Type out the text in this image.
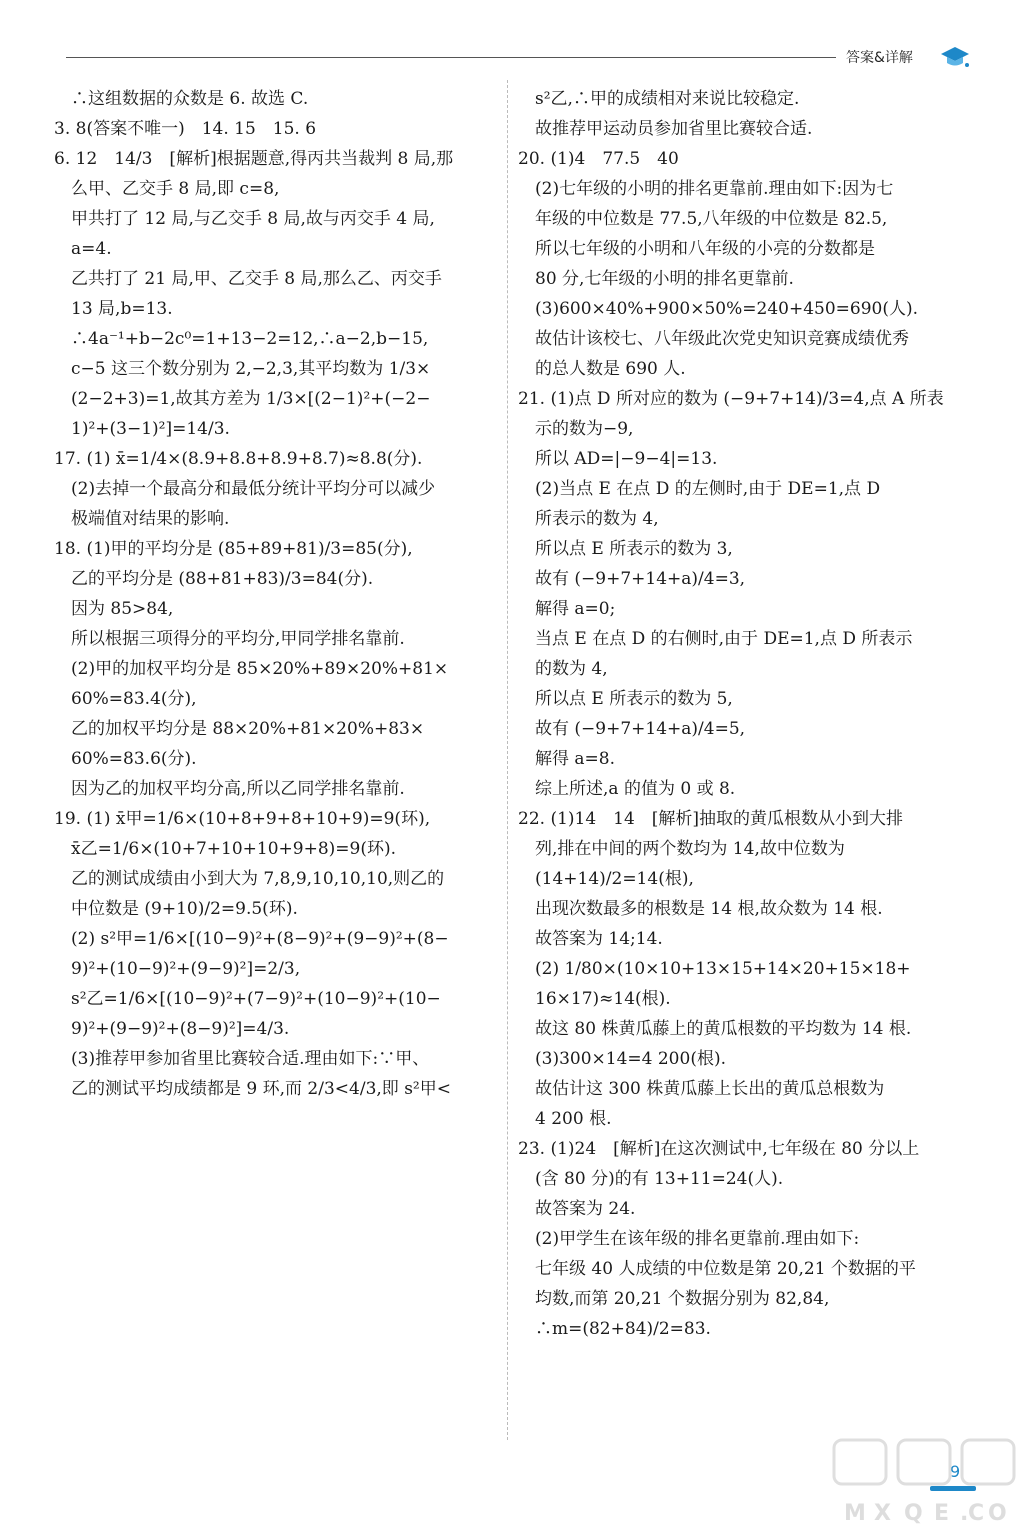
答案&详解
　∴这组数据的众数是 6. 故选 C.
3. 8(答案不唯一)　14. 15　15. 6
6. 12　14/3　[解析]根据题意,得丙共当裁判 8 局,那
　么甲、乙交手 8 局,即 c=8,
　甲共打了 12 局,与乙交手 8 局,故与丙交手 4 局,
　a=4.
　乙共打了 21 局,甲、乙交手 8 局,那么乙、丙交手
　13 局,b=13.
　∴4a⁻¹+b−2c⁰=1+13−2=12,∴a−2,b−15,
　c−5 这三个数分别为 2,−2,3,其平均数为 1/3×
　(2−2+3)=1,故其方差为 1/3×[(2−1)²+(−2−
　1)²+(3−1)²]=14/3.
17. (1) x̄=1/4×(8.9+8.8+8.9+8.7)≈8.8(分).
　(2)去掉一个最高分和最低分统计平均分可以减少
　极端值对结果的影响.
18. (1)甲的平均分是 (85+89+81)/3=85(分),
　乙的平均分是 (88+81+83)/3=84(分).
　因为 85>84,
　所以根据三项得分的平均分,甲同学排名靠前.
　(2)甲的加权平均分是 85×20%+89×20%+81×
　60%=83.4(分),
　乙的加权平均分是 88×20%+81×20%+83×
　60%=83.6(分).
　因为乙的加权平均分高,所以乙同学排名靠前.
19. (1) x̄甲=1/6×(10+8+9+8+10+9)=9(环),
　x̄乙=1/6×(10+7+10+10+9+8)=9(环).
　乙的测试成绩由小到大为 7,8,9,10,10,10,则乙的
　中位数是 (9+10)/2=9.5(环).
　(2) s²甲=1/6×[(10−9)²+(8−9)²+(9−9)²+(8−
　9)²+(10−9)²+(9−9)²]=2/3,
　s²乙=1/6×[(10−9)²+(7−9)²+(10−9)²+(10−
　9)²+(9−9)²+(8−9)²]=4/3.
　(3)推荐甲参加省里比赛较合适.理由如下:∵甲、
　乙的测试平均成绩都是 9 环,而 2/3<4/3,即 s²甲<
　s²乙,∴甲的成绩相对来说比较稳定.
　故推荐甲运动员参加省里比赛较合适.
20. (1)4　77.5　40
　(2)七年级的小明的排名更靠前.理由如下:因为七
　年级的中位数是 77.5,八年级的中位数是 82.5,
　所以七年级的小明和八年级的小亮的分数都是
　80 分,七年级的小明的排名更靠前.
　(3)600×40%+900×50%=240+450=690(人).
　故估计该校七、八年级此次党史知识竞赛成绩优秀
　的总人数是 690 人.
21. (1)点 D 所对应的数为 (−9+7+14)/3=4,点 A 所表
　示的数为−9,
　所以 AD=|−9−4|=13.
　(2)当点 E 在点 D 的左侧时,由于 DE=1,点 D
　所表示的数为 4,
　所以点 E 所表示的数为 3,
　故有 (−9+7+14+a)/4=3,
　解得 a=0;
　当点 E 在点 D 的右侧时,由于 DE=1,点 D 所表示
　的数为 4,
　所以点 E 所表示的数为 5,
　故有 (−9+7+14+a)/4=5,
　解得 a=8.
　综上所述,a 的值为 0 或 8.
22. (1)14　14　[解析]抽取的黄瓜根数从小到大排
　列,排在中间的两个数均为 14,故中位数为
　(14+14)/2=14(根),
　出现次数最多的根数是 14 根,故众数为 14 根.
　故答案为 14;14.
　(2) 1/80×(10×10+13×15+14×20+15×18+
　16×17)≈14(根).
　故这 80 株黄瓜藤上的黄瓜根数的平均数为 14 根.
　(3)300×14=4 200(根).
　故估计这 300 株黄瓜藤上长出的黄瓜总根数为
　4 200 根.
23. (1)24　[解析]在这次测试中,七年级在 80 分以上
　(含 80 分)的有 13+11=24(人).
　故答案为 24.
　(2)甲学生在该年级的排名更靠前.理由如下:
　七年级 40 人成绩的中位数是第 20,21 个数据的平
　均数,而第 20,21 个数据分别为 82,84,
　∴m=(82+84)/2=83.
9
M X Q E . C O
